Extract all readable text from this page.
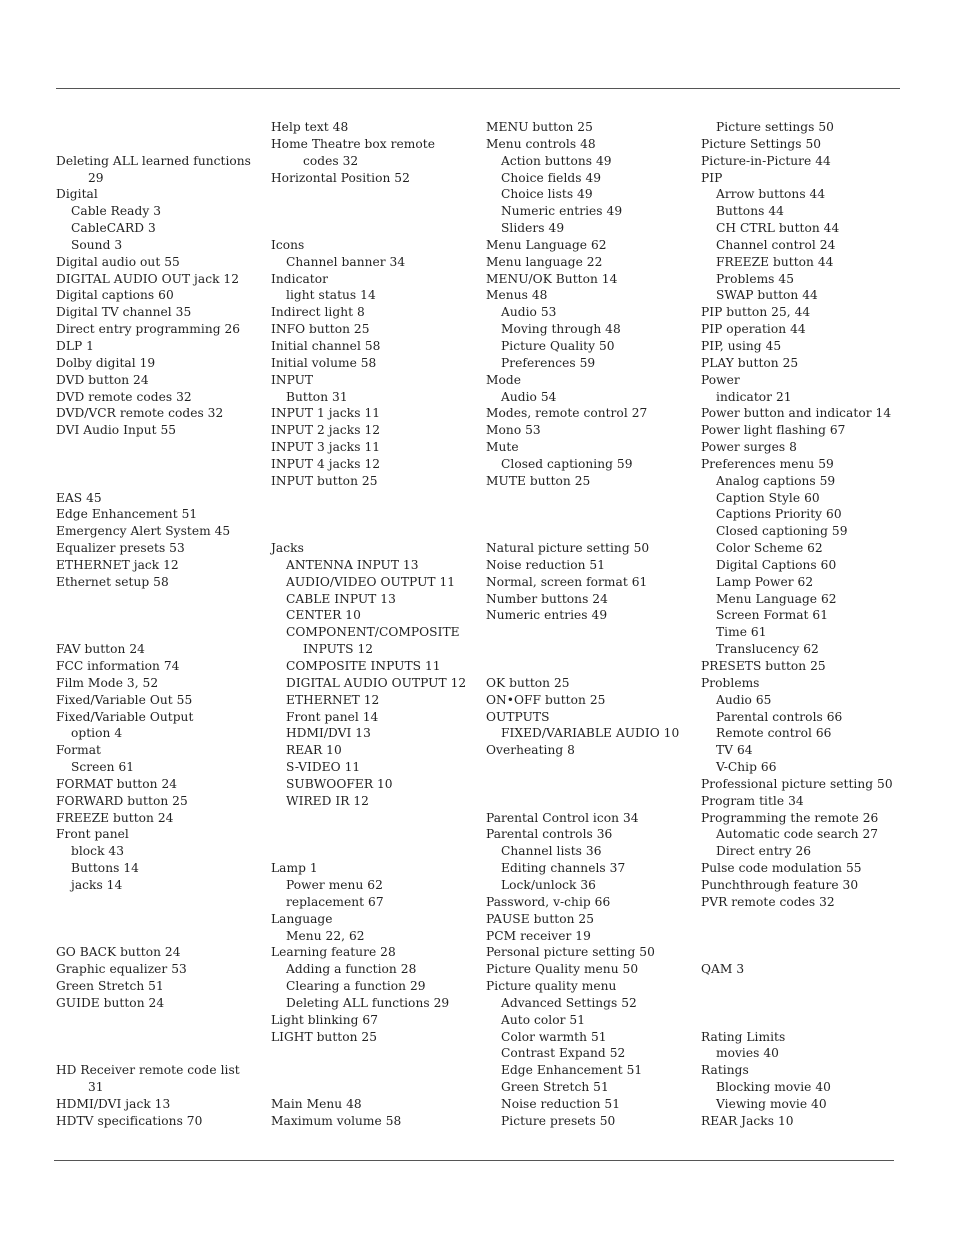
Deleting ALL learned functions
29
Digital
Cable Ready 3
CableCARD 3
Sound 3
Digital audio out 55
DIGITAL AUDIO OUT jack 12
Digital captions 60
Digital TV channel 35
Direct entry programming 26
DLP 1
Dolby digital 19
DVD button 24
DVD remote codes 32
DVD/VCR remote codes 32
DVI Audio Input 55
EAS 45
Edge Enhancement 51
Emergency Alert System 45
Equalizer presets 53
ETHERNET jack 12
Ethernet setup 58
FAV button 24
FCC information 74
Film Mode 3, 52
Fixed/Variable Out 55
Fixed/Variable Output
option 4
Format
Screen 61
FORMAT button 24
FORWARD button 25
FREEZE button 24
Front panel
block 43
Buttons 14
jacks 14
GO BACK button 24
Graphic equalizer 53
Green Stretch 51
GUIDE button 24
HD Receiver remote code list
31
HDMI/DVI jack 13
HDTV specifications 70
Help text 48
Home Theatre box remote
codes 32
Horizontal Position 52
Icons
Channel banner 34
Indicator
light status 14
Indirect light 8
INFO button 25
Initial channel 58
Initial volume 58
INPUT
Button 31
INPUT 1 jacks 11
INPUT 2 jacks 12
INPUT 3 jacks 11
INPUT 4 jacks 12
INPUT button 25
Jacks
ANTENNA INPUT 13
AUDIO/VIDEO OUTPUT 11
CABLE INPUT 13
CENTER 10
COMPONENT/COMPOSITE
INPUTS 12
COMPOSITE INPUTS 11
DIGITAL AUDIO OUTPUT 12
ETHERNET 12
Front panel 14
HDMI/DVI 13
REAR 10
S-VIDEO 11
SUBWOOFER 10
WIRED IR 12
Lamp 1
Power menu 62
replacement 67
Language
Menu 22, 62
Learning feature 28
Adding a function 28
Clearing a function 29
Deleting ALL functions 29
Light blinking 67
LIGHT button 25
Main Menu 48
Maximum volume 58
MENU button 25
Menu controls 48
Action buttons 49
Choice fields 49
Choice lists 49
Numeric entries 49
Sliders 49
Menu Language 62
Menu language 22
MENU/OK Button 14
Menus 48
Audio 53
Moving through 48
Picture Quality 50
Preferences 59
Mode
Audio 54
Modes, remote control 27
Mono 53
Mute
Closed captioning 59
MUTE button 25
Natural picture setting 50
Noise reduction 51
Normal, screen format 61
Number buttons 24
Numeric entries 49
OK button 25
ON•OFF button 25
OUTPUTS
FIXED/VARIABLE AUDIO 10
Overheating 8
Parental Control icon 34
Parental controls 36
Channel lists 36
Editing channels 37
Lock/unlock 36
Password, v-chip 66
PAUSE button 25
PCM receiver 19
Personal picture setting 50
Picture Quality menu 50
Picture quality menu
Advanced Settings 52
Auto color 51
Color warmth 51
Contrast Expand 52
Edge Enhancement 51
Green Stretch 51
Noise reduction 51
Picture presets 50
Picture settings 50
Picture Settings 50
Picture-in-Picture 44
PIP
Arrow buttons 44
Buttons 44
CH CTRL button 44
Channel control 24
FREEZE button 44
Problems 45
SWAP button 44
PIP button 25, 44
PIP operation 44
PIP, using 45
PLAY button 25
Power
indicator 21
Power button and indicator 14
Power light flashing 67
Power surges 8
Preferences menu 59
Analog captions 59
Caption Style 60
Captions Priority 60
Closed captioning 59
Color Scheme 62
Digital Captions 60
Lamp Power 62
Menu Language 62
Screen Format 61
Time 61
Translucency 62
PRESETS button 25
Problems
Audio 65
Parental controls 66
Remote control 66
TV 64
V-Chip 66
Professional picture setting 50
Program title 34
Programming the remote 26
Automatic code search 27
Direct entry 26
Pulse code modulation 55
Punchthrough feature 30
PVR remote codes 32
QAM 3
Rating Limits
movies 40
Ratings
Blocking movie 40
Viewing movie 40
REAR Jacks 10
